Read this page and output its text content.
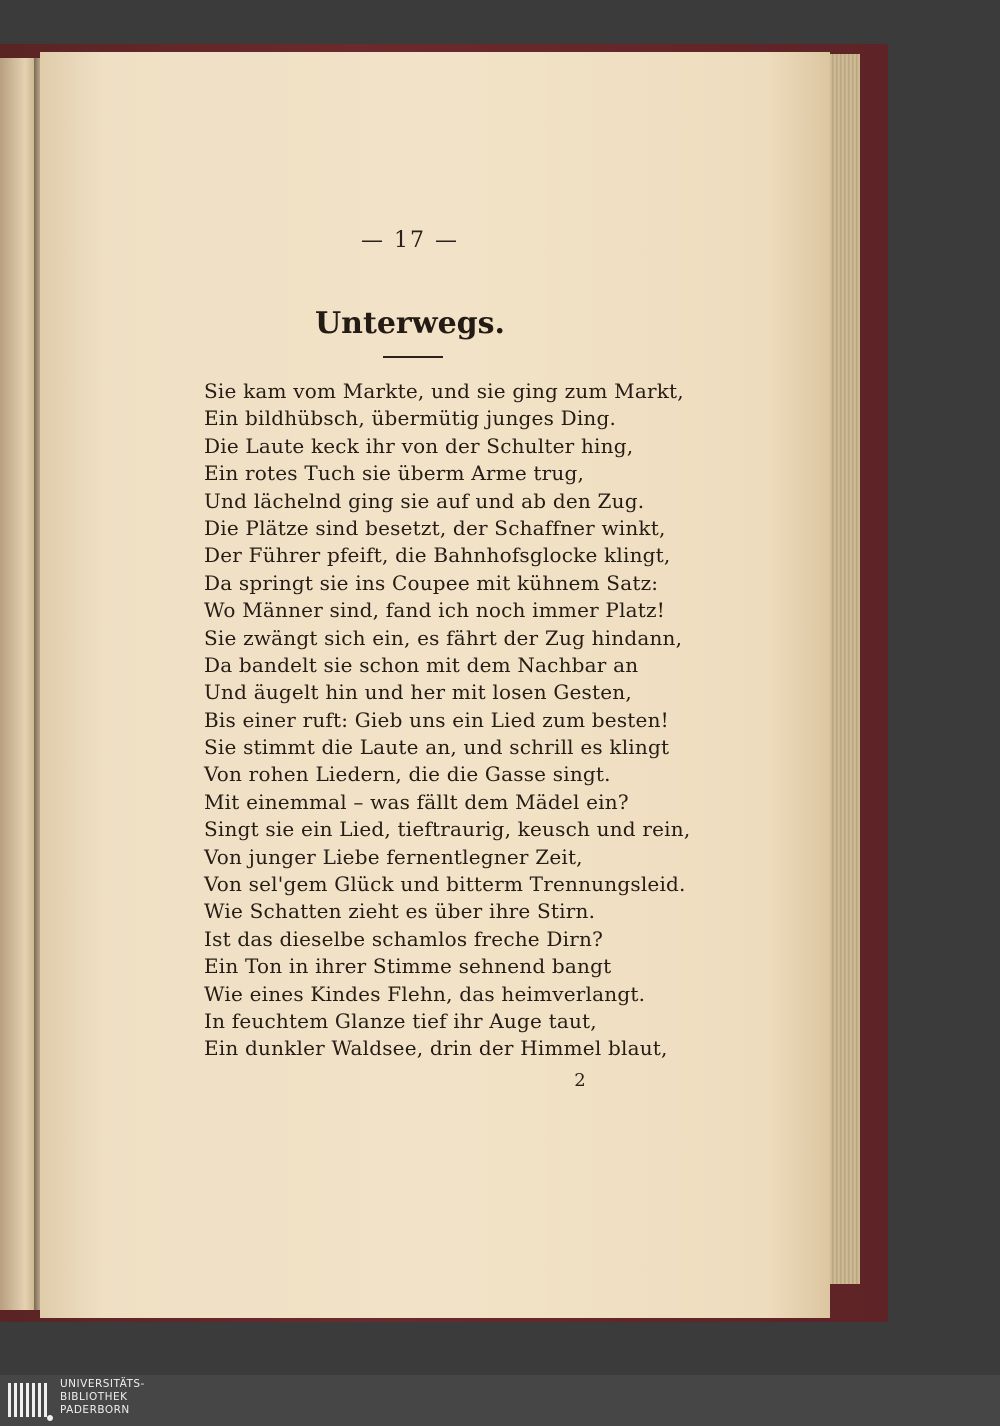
— 17 —
Unterwegs.
Sie kam vom Markte, und sie ging zum Markt,
Ein bildhübsch, übermütig junges Ding.
Die Laute keck ihr von der Schulter hing,
Ein rotes Tuch sie überm Arme trug,
Und lächelnd ging sie auf und ab den Zug.
Die Plätze sind besetzt, der Schaffner winkt,
Der Führer pfeift, die Bahnhofsglocke klingt,
Da springt sie ins Coupee mit kühnem Satz:
Wo Männer sind, fand ich noch immer Platz!
Sie zwängt sich ein, es fährt der Zug hindann,
Da bandelt sie schon mit dem Nachbar an
Und äugelt hin und her mit losen Gesten,
Bis einer ruft: Gieb uns ein Lied zum besten!
Sie stimmt die Laute an, und schrill es klingt
Von rohen Liedern, die die Gasse singt.
Mit einemmal – was fällt dem Mädel ein?
Singt sie ein Lied, tieftraurig, keusch und rein,
Von junger Liebe fernentlegner Zeit,
Von sel'gem Glück und bitterm Trennungsleid.
Wie Schatten zieht es über ihre Stirn.
Ist das dieselbe schamlos freche Dirn?
Ein Ton in ihrer Stimme sehnend bangt
Wie eines Kindes Flehn, das heimverlangt.
In feuchtem Glanze tief ihr Auge taut,
Ein dunkler Waldsee, drin der Himmel blaut,
2
UNIVERSITÄTS-
BIBLIOTHEK
PADERBORN
